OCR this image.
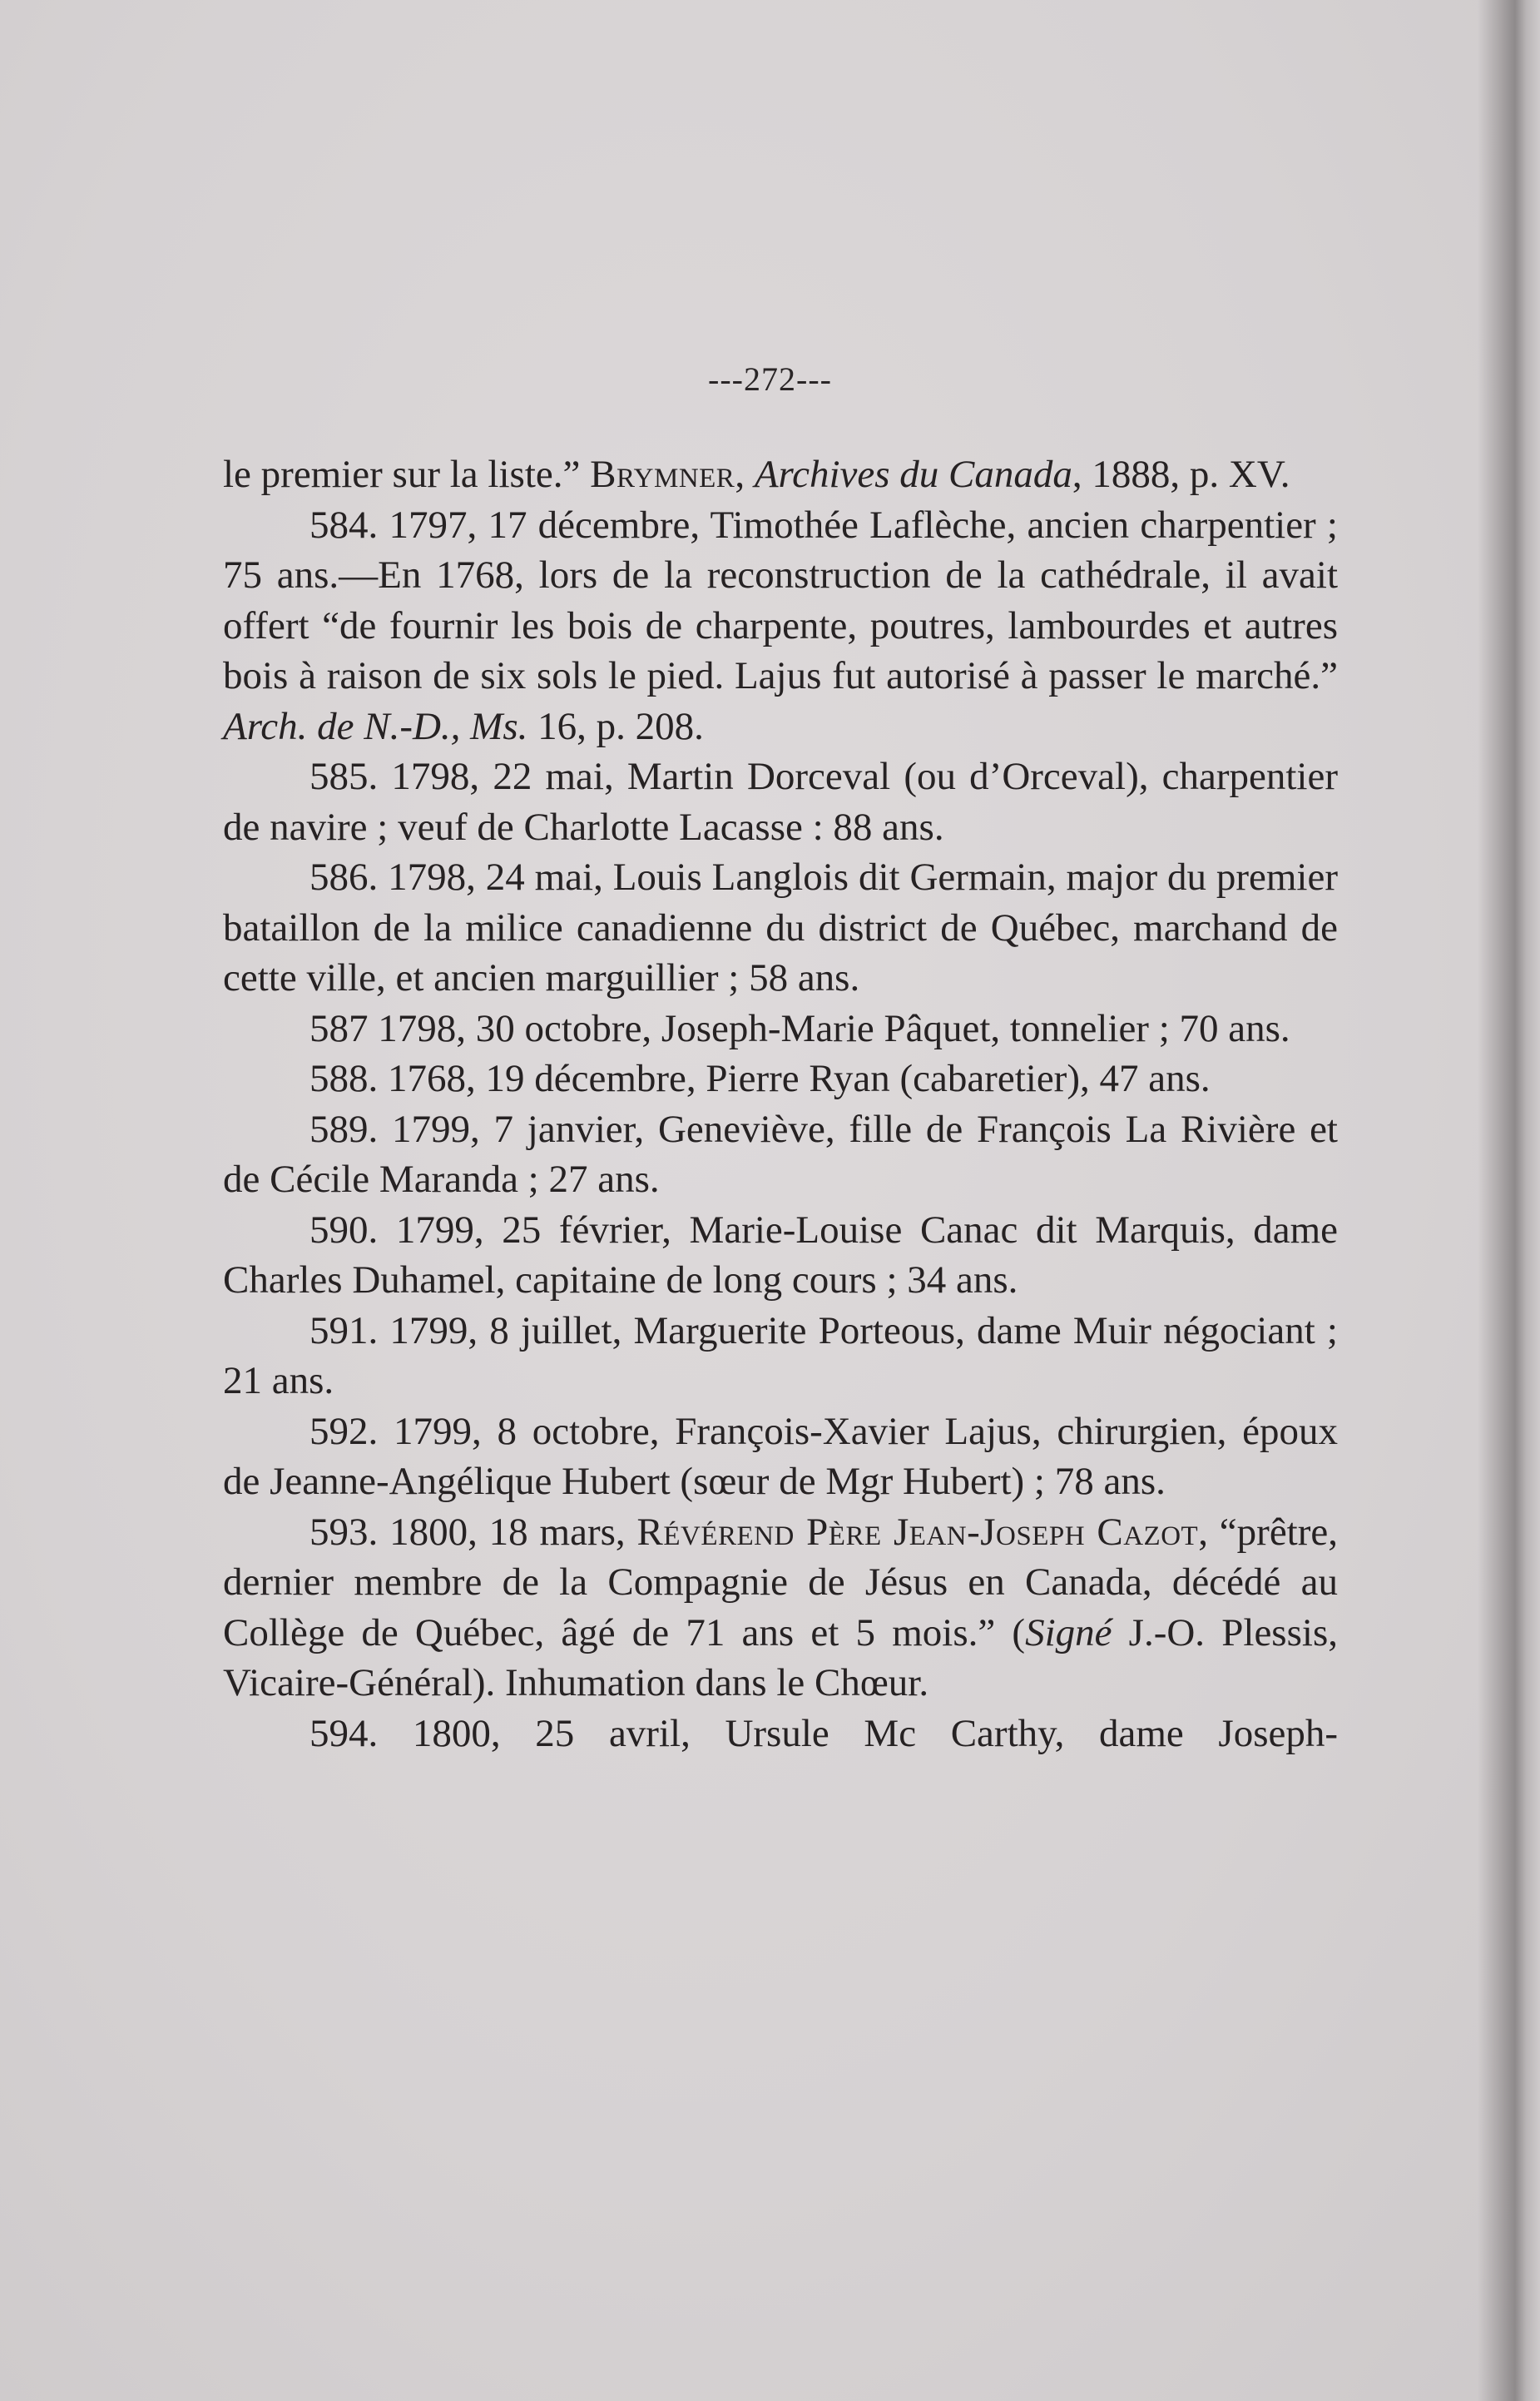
---272---

le premier sur la liste.” Brymner, Archives du Canada, 1888, p. XV.

584. 1797, 17 décembre, Timothée Laflèche, ancien charpentier ; 75 ans.—En 1768, lors de la reconstruction de la cathédrale, il avait offert “de fournir les bois de charpente, poutres, lambourdes et autres bois à raison de six sols le pied. Lajus fut autorisé à passer le marché.” Arch. de N.-D., Ms. 16, p. 208.

585. 1798, 22 mai, Martin Dorceval (ou d’Orceval), charpentier de navire ; veuf de Charlotte Lacasse : 88 ans.

586. 1798, 24 mai, Louis Langlois dit Germain, major du premier bataillon de la milice canadienne du district de Québec, marchand de cette ville, et ancien marguillier ; 58 ans.

587 1798, 30 octobre, Joseph-Marie Pâquet, tonnelier ; 70 ans.

588. 1768, 19 décembre, Pierre Ryan (cabaretier), 47 ans.

589. 1799, 7 janvier, Geneviève, fille de François La Rivière et de Cécile Maranda ; 27 ans.

590. 1799, 25 février, Marie-Louise Canac dit Marquis, dame Charles Duhamel, capitaine de long cours ; 34 ans.

591. 1799, 8 juillet, Marguerite Porteous, dame Muir négociant ; 21 ans.

592. 1799, 8 octobre, François-Xavier Lajus, chirurgien, époux de Jeanne-Angélique Hubert (sœur de Mgr Hubert) ; 78 ans.

593. 1800, 18 mars, Révérend Père Jean-Joseph Cazot, “prêtre, dernier membre de la Compagnie de Jésus en Canada, décédé au Collège de Québec, âgé de 71 ans et 5 mois.” (Signé J.-O. Plessis, Vicaire-Général). Inhumation dans le Chœur.

594. 1800, 25 avril, Ursule Mc Carthy, dame Joseph-
